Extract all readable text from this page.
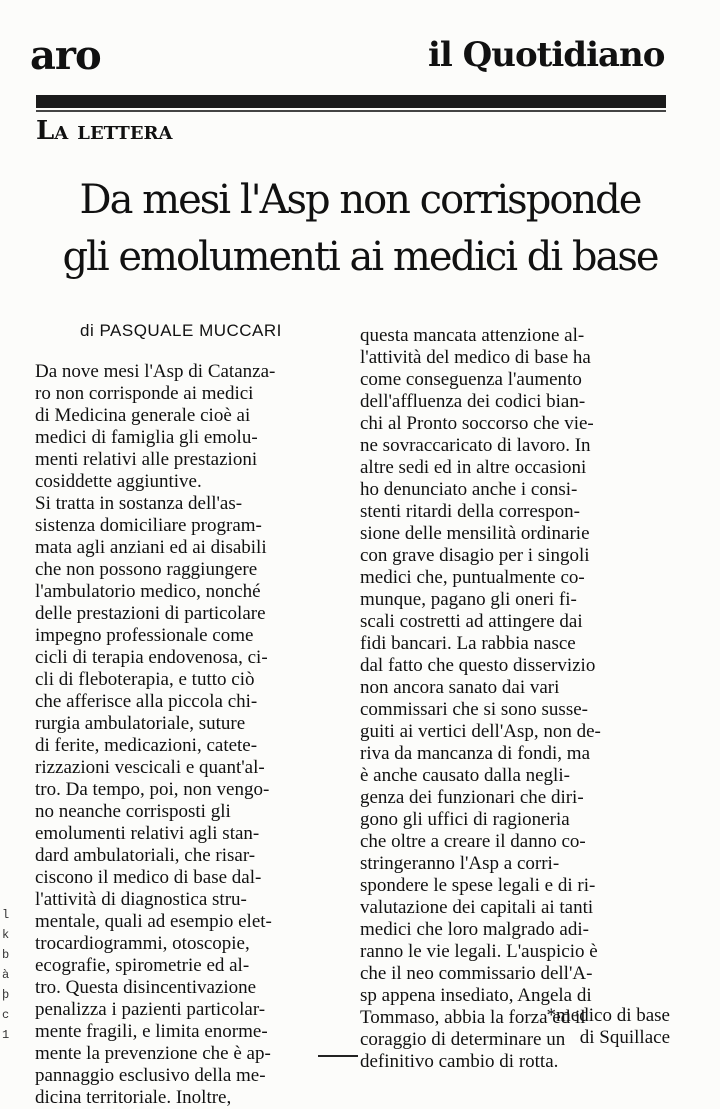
aro	il Quotidiano
La lettera
Da mesi l'Asp non corrisponde
gli emolumenti ai medici di base
di PASQUALE MUCCARI
Da nove mesi l'Asp di Catanza-
ro non corrisponde ai medici
di Medicina generale cioè ai
medici di famiglia gli emolu-
menti relativi alle prestazioni
cosiddette aggiuntive.
Si tratta in sostanza dell'as-
sistenza domiciliare program-
mata agli anziani ed ai disabili
che non possono raggiungere
l'ambulatorio medico, nonché
delle prestazioni di particolare
impegno professionale come
cicli di terapia endovenosa, ci-
cli di fleboterapia, e tutto ciò
che afferisce alla piccola chi-
rurgia ambulatoriale, suture
di ferite, medicazioni, catete-
rizzazioni vescicali e quant'al-
tro. Da tempo, poi, non vengo-
no neanche corrisposti gli
emolumenti relativi agli stan-
dard ambulatoriali, che risar-
ciscono il medico di base dal-
l'attività di diagnostica stru-
mentale, quali ad esempio elet-
trocardiogrammi, otoscopie,
ecografie, spirometrie ed al-
tro. Questa disincentivazione
penalizza i pazienti particolar-
mente fragili, e limita enorme-
mente la prevenzione che è ap-
pannaggio esclusivo della me-
dicina territoriale. Inoltre,
questa mancata attenzione al-
l'attività del medico di base ha
come conseguenza l'aumento
dell'affluenza dei codici bian-
chi al Pronto soccorso che vie-
ne sovraccaricato di lavoro. In
altre sedi ed in altre occasioni
ho denunciato anche i consi-
stenti ritardi della correspon-
sione delle mensilità ordinarie
con grave disagio per i singoli
medici che, puntualmente co-
munque, pagano gli oneri fi-
scali costretti ad attingere dai
fidi bancari. La rabbia nasce
dal fatto che questo disservizio
non ancora sanato dai vari
commissari che si sono susse-
guiti ai vertici dell'Asp, non de-
riva da mancanza di fondi, ma
è anche causato dalla negli-
genza dei funzionari che diri-
gono gli uffici di ragioneria
che oltre a creare il danno co-
stringeranno l'Asp a corri-
spondere le spese legali e di ri-
valutazione dei capitali ai tanti
medici che loro malgrado adi-
ranno le vie legali. L'auspicio è
che il neo commissario dell'A-
sp appena insediato, Angela di
Tommaso, abbia la forza ed il
coraggio di determinare un
definitivo cambio di rotta.
*medico di base
di Squillace
l
k
b
à
þ
c
1
